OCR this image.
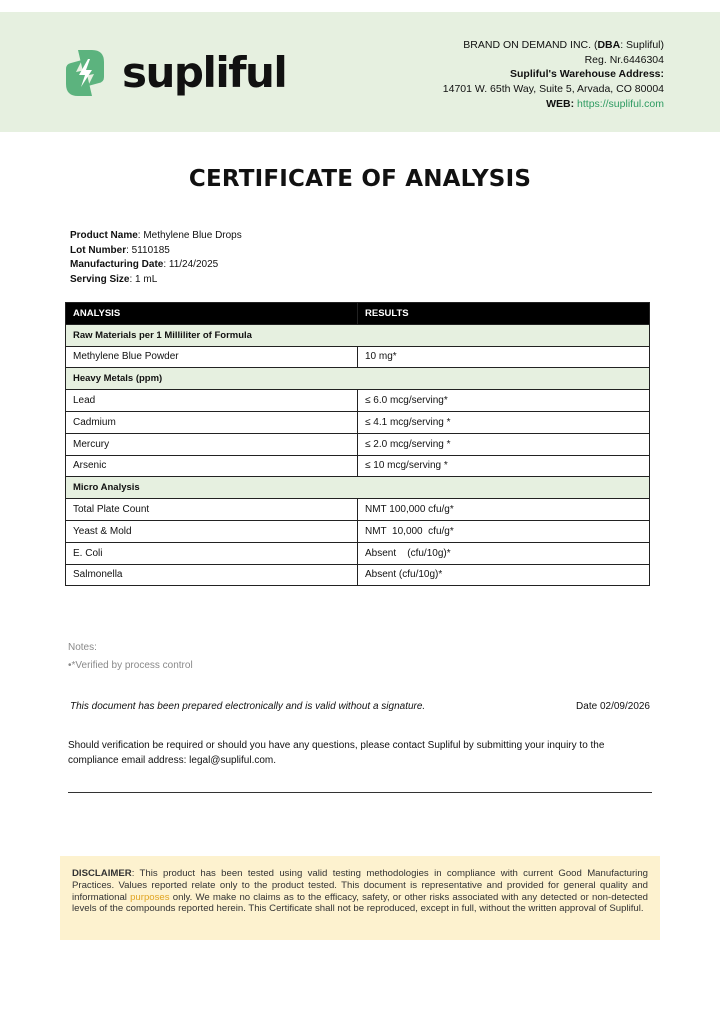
supliful
BRAND ON DEMAND INC. (DBA: Supliful)
Reg. Nr.6446304
Supliful's Warehouse Address:
14701 W. 65th Way, Suite 5, Arvada, CO 80004
WEB: https://supliful.com
CERTIFICATE OF ANALYSIS
Product Name: Methylene Blue Drops
Lot Number: 5110185
Manufacturing Date: 11/24/2025
Serving Size: 1 mL
ANALYSIS	RESULTS
Raw Materials per 1 Milliliter of Formula	
Methylene Blue Powder	10 mg*
Heavy Metals (ppm)	
Lead	≤ 6.0 mcg/serving*
Cadmium	≤ 4.1 mcg/serving *
Mercury	≤ 2.0 mcg/serving *
Arsenic	≤ 10 mcg/serving *
Micro Analysis	
Total Plate Count	NMT 100,000 cfu/g*
Yeast & Mold	NMT  10,000  cfu/g*
E. Coli	Absent    (cfu/10g)*
Salmonella	Absent (cfu/10g)*
Notes:
•*Verified by process control
This document has been prepared electronically and is valid without a signature.	Date 02/09/2026
Should verification be required or should you have any questions, please contact Supliful by submitting your inquiry to the compliance email address: legal@supliful.com.
DISCLAIMER: This product has been tested using valid testing methodologies in compliance with current Good Manufacturing Practices. Values reported relate only to the product tested. This document is representative and provided for general quality and informational purposes only. We make no claims as to the efficacy, safety, or other risks associated with any detected or non-detected levels of the compounds reported herein. This Certificate shall not be reproduced, except in full, without the written approval of Supliful.
